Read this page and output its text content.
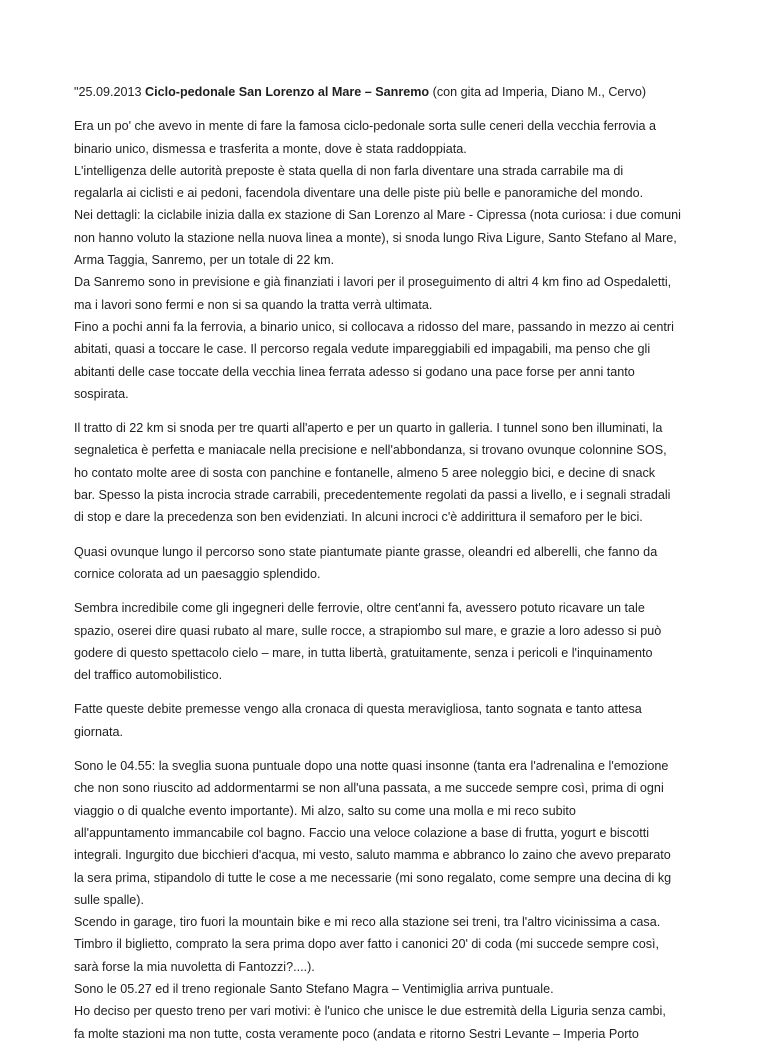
"25.09.2013 Ciclo-pedonale San Lorenzo al Mare – Sanremo (con gita ad Imperia, Diano M., Cervo)

Era un po' che avevo in mente di fare la famosa ciclo-pedonale sorta sulle ceneri della vecchia ferrovia a
binario unico, dismessa e trasferita a monte, dove è stata raddoppiata.
L'intelligenza delle autorità preposte è stata quella di non farla diventare una strada carrabile ma di
regalarla ai ciclisti e ai pedoni, facendola diventare una delle piste più belle e panoramiche del mondo.
Nei dettagli: la ciclabile inizia dalla ex stazione di San Lorenzo al Mare - Cipressa (nota curiosa: i due comuni
non hanno voluto la stazione nella nuova linea a monte), si snoda lungo Riva Ligure, Santo Stefano al Mare,
Arma Taggia, Sanremo, per un totale di 22 km.
Da Sanremo sono in previsione e già finanziati i lavori per il proseguimento di altri 4 km fino ad Ospedaletti,
ma i lavori sono fermi e non si sa quando la tratta verrà ultimata.
Fino a pochi anni fa la ferrovia, a binario unico, si collocava a ridosso del mare, passando in mezzo ai centri
abitati, quasi a toccare le case. Il percorso regala vedute impareggiabili ed impagabili, ma penso che gli
abitanti delle case toccate della vecchia linea ferrata adesso si godano una pace forse per anni tanto
sospirata.

Il tratto di 22 km si snoda per tre quarti all'aperto e per un quarto in galleria. I tunnel sono ben illuminati, la
segnaletica è perfetta e maniacale nella precisione e nell'abbondanza, si trovano ovunque colonnine SOS,
ho contato molte aree di sosta con panchine e fontanelle, almeno 5 aree noleggio bici, e decine di snack
bar. Spesso la pista incrocia strade carrabili, precedentemente regolati da passi a livello, e i segnali stradali
di stop e dare la precedenza son ben evidenziati. In alcuni incroci c'è addirittura il semaforo per le bici.

Quasi ovunque lungo il percorso sono state piantumate piante grasse, oleandri ed alberelli, che fanno da
cornice colorata ad un paesaggio splendido.

Sembra incredibile come gli ingegneri delle ferrovie, oltre cent'anni fa, avessero potuto ricavare un tale
spazio, oserei dire quasi rubato al mare, sulle rocce, a strapiombo sul mare, e grazie a loro adesso si può
godere di questo spettacolo cielo – mare, in tutta libertà, gratuitamente, senza i pericoli e l'inquinamento
del traffico automobilistico.

Fatte queste debite premesse vengo alla cronaca di questa meravigliosa, tanto sognata e tanto attesa
giornata.

Sono le 04.55: la sveglia suona puntuale dopo una notte quasi insonne (tanta era l'adrenalina e l'emozione
che non sono riuscito ad addormentarmi se non all'una passata, a me succede sempre così, prima di ogni
viaggio o di qualche evento importante). Mi alzo, salto su come una molla e mi reco subito
all'appuntamento immancabile col bagno. Faccio una veloce colazione a base di frutta, yogurt e biscotti
integrali. Ingurgito due bicchieri d'acqua, mi vesto, saluto mamma e abbranco lo zaino che avevo preparato
la sera prima, stipandolo di tutte le cose a me necessarie (mi sono regalato, come sempre una decina di kg
sulle spalle).
Scendo in garage, tiro fuori la mountain bike e mi reco alla stazione sei treni, tra l'altro vicinissima a casa.
Timbro il biglietto, comprato la sera prima dopo aver fatto i canonici 20' di coda (mi succede sempre così,
sarà forse la mia nuvoletta di Fantozzi?....).
Sono le 05.27 ed il treno regionale Santo Stefano Magra – Ventimiglia arriva puntuale.
Ho deciso per questo treno per vari motivi: è l'unico che unisce le due estremità della Liguria senza cambi,
fa molte stazioni ma non tutte, costa veramente poco (andata e ritorno Sestri Levante – Imperia Porto
